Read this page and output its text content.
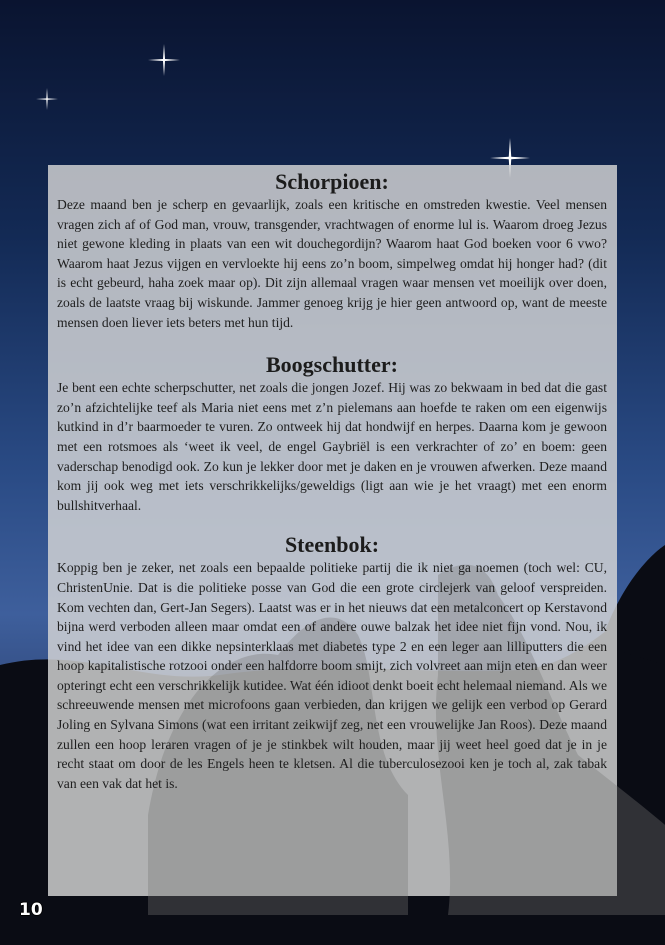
Schorpioen:

Deze maand ben je scherp en gevaarlijk, zoals een kritische en omstreden kwestie. Veel mensen vragen zich af of God man, vrouw, transgender, vrachtwagen of enorme lul is. Waarom droeg Jezus niet gewone kleding in plaats van een wit douchegordijn? Waarom haat God boeken voor 6 vwo? Waarom haat Jezus vijgen en vervloekte hij eens zo’n boom, simpelweg omdat hij honger had? (dit is echt gebeurd, haha zoek maar op). Dit zijn allemaal vragen waar mensen vet moeilijk over doen, zoals de laatste vraag bij wiskunde. Jammer genoeg krijg je hier geen antwoord op, want de meeste mensen doen liever iets beters met hun tijd.

Boogschutter:

Je bent een echte scherpschutter, net zoals die jongen Jozef. Hij was zo bekwaam in bed dat die gast zo’n afzichtelijke teef als Maria niet eens met z’n pielemans aan hoefde te raken om een eigenwijs kutkind in d’r baarmoeder te vuren. Zo ontweek hij dat hondwijf en herpes. Daarna kom je gewoon met een rotsmoes als ‘weet ik veel, de engel Gaybriël is een verkrachter of zo’ en boem: geen vaderschap benodigd ook. Zo kun je lekker door met je daken en je vrouwen afwerken. Deze maand kom jij ook weg met iets verschrikkelijks/geweldigs (ligt aan wie je het vraagt) met een enorm bullshitverhaal.

Steenbok:

Koppig ben je zeker, net zoals een bepaalde politieke partij die ik niet ga noemen (toch wel: CU, ChristenUnie. Dat is die politieke posse van God die een grote circlejerk van geloof verspreiden. Kom vechten dan, Gert-Jan Segers). Laatst was er in het nieuws dat een metalconcert op Kerstavond bijna werd verboden alleen maar omdat een of andere ouwe balzak het idee niet fijn vond. Nou, ik vind het idee van een dikke nepsinterklaas met diabetes type 2 en een leger aan lilliputters die een hoop kapitalistische rotzooi onder een halfdorre boom smijt, zich volvreet aan mijn eten en dan weer opteringt echt een verschrikkelijk kutidee. Wat één idioot denkt boeit echt helemaal niemand. Als we schreeuwende mensen met microfoons gaan verbieden, dan krijgen we gelijk een verbod op Gerard Joling en Sylvana Simons (wat een irritant zeikwijf zeg, net een vrouwelijke Jan Roos). Deze maand zullen een hoop leraren vragen of je je stinkbek wilt houden, maar jij weet heel goed dat je in je recht staat om door de les Engels heen te kletsen. Al die tuberculosezooi ken je toch al, zak tabak van een vak dat het is.

10
